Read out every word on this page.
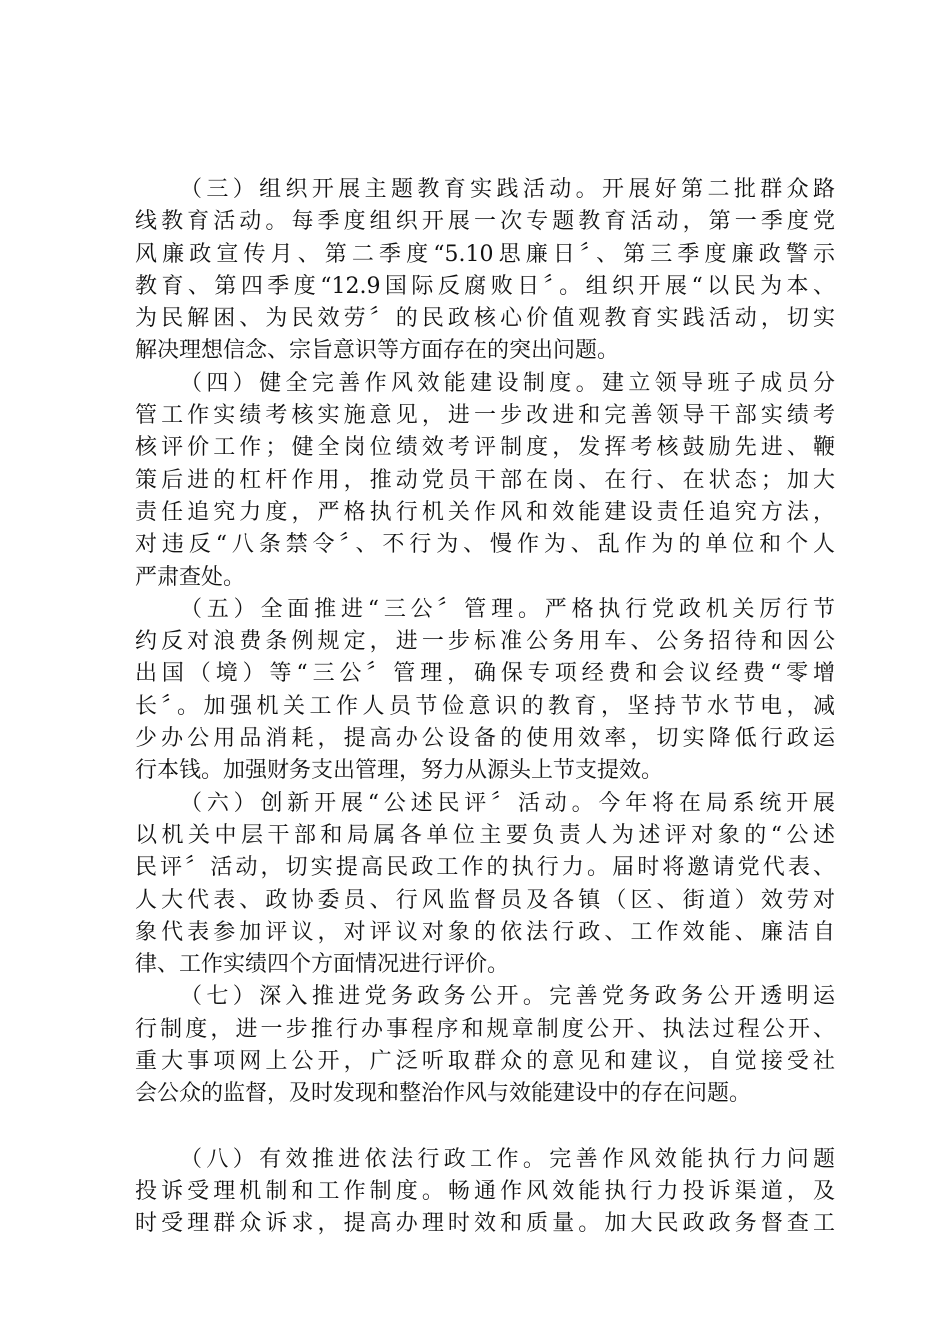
（三）组织开展主题教育实践活动。开展好第二批群众路
线教育活动。每季度组织开展一次专题教育活动，第一季度党
风廉政宣传月、第二季度“5.10思廉日〞、第三季度廉政警示
教育、第四季度“12.9国际反腐败日〞。组织开展“以民为本、
为民解困、为民效劳〞的民政核心价值观教育实践活动，切实
解决理想信念、宗旨意识等方面存在的突出问题。
（四）健全完善作风效能建设制度。建立领导班子成员分
管工作实绩考核实施意见，进一步改进和完善领导干部实绩考
核评价工作；健全岗位绩效考评制度，发挥考核鼓励先进、鞭
策后进的杠杆作用，推动党员干部在岗、在行、在状态；加大
责任追究力度，严格执行机关作风和效能建设责任追究方法，
对违反“八条禁令〞、不行为、慢作为、乱作为的单位和个人
严肃查处。
（五）全面推进“三公〞管理。严格执行党政机关厉行节
约反对浪费条例规定，进一步标准公务用车、公务招待和因公
出国（境）等“三公〞管理，确保专项经费和会议经费“零增
长〞。加强机关工作人员节俭意识的教育，坚持节水节电，减
少办公用品消耗，提高办公设备的使用效率，切实降低行政运
行本钱。加强财务支出管理，努力从源头上节支提效。
（六）创新开展“公述民评〞活动。今年将在局系统开展
以机关中层干部和局属各单位主要负责人为述评对象的“公述
民评〞活动，切实提高民政工作的执行力。届时将邀请党代表、
人大代表、政协委员、行风监督员及各镇（区、街道）效劳对
象代表参加评议，对评议对象的依法行政、工作效能、廉洁自
律、工作实绩四个方面情况进行评价。
（七）深入推进党务政务公开。完善党务政务公开透明运
行制度，进一步推行办事程序和规章制度公开、执法过程公开、
重大事项网上公开，广泛听取群众的意见和建议，自觉接受社
会公众的监督，及时发现和整治作风与效能建设中的存在问题。
（八）有效推进依法行政工作。完善作风效能执行力问题
投诉受理机制和工作制度。畅通作风效能执行力投诉渠道，及
时受理群众诉求，提高办理时效和质量。加大民政政务督查工
